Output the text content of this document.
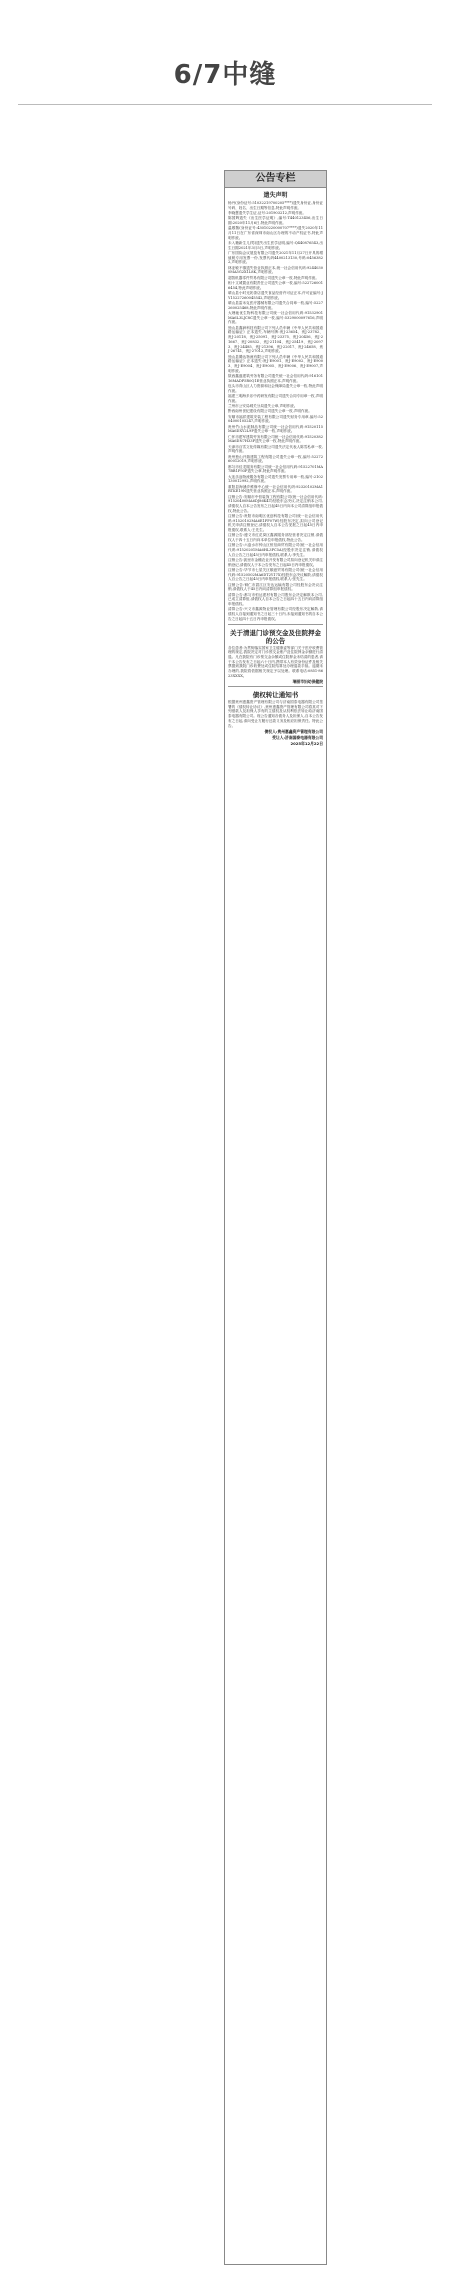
6/7中缝
公告专栏
遗失声明

杨丹(身份证号:51032219700205****)遗失身份证,身份证号码、姓名、出生日期等信息,特此声明作废。

李晓慧遗失学生证,证号:201903212,声明作废。

陈国辉遗失《出生医学证明》,编号:T440123456,出生日期:2020年11月6日,特此声明作废。

温敬敬(身份证号:43010220000707****)遗失2020年11月11日在广东省深圳市南山区办理的不动产权证书,特此声明作废。

未入籍新生儿(男)遗失出生医学证明,编号:Q440876543,出生日期2021年3月5日,声明作废。

广东国际会议展览有限公司遗失2021年11月27日开具的增值税专用发票一份,发票代码4400213130,号码:04563822,声明作废。

林亚敏不慎遗失营业执照正本,统一社会信用代码:92440300MA5G2X1L8K,声明作废。

超智机器零件贸易有限公司遗失公章一枚,特此声明作废。

相十文城置业有限责任公司遗失公章一枚,编号:5227260016454,特此声明作废。

晴山县小时光奶茶店遗失食品经营许可证正本,许可证编号:JY15227260045542,声明作废。

晴山县雷米克医疗器械有限公司遗失合同章一枚,编号:5227260025468,特此声明作废。

大理驰优生物科技有限公司统一社会信用代码:91532901MA6L3LJC8C遗失公章一枚,编号:5329000097616,声明作废。

独山县鑫润科技有限公司下列人员车辆《中华人民共和国道路运输证》正本遗失,车辆号牌:贵J·23654、贵J·23782、贵J·20118、贵J·25091、贵J·23375、贵J·20456、贵J·21667、贵J·20832、贵J·21104、贵J·25419、贵J·20973、贵J·24485、贵J·21396、贵J·22017、贵J·24658、贵J·26741、贵J·27012,声明作废。

独山县腾达物流有限公司下列人员车辆《中华人民共和国道路运输证》正本遗失:贵J·E9001、贵J·E9002、贵J·E9003、贵J·E9004、贵J·E9005、贵J·E9006、贵J·E9007,声明作废。

陕西鑫盛建筑劳务有限公司遗失统一社会信用代码:91610116MADP5R0Q1E营业执照正本,声明作废。

包头市青山区人力资源和社会保障局遗失公章一枚,特此声明作废。

福建三明海多乐中药研发有限公司遗失合同专用章一枚,声明作废。

兰州市公安局城关分局遗失公章,声明作废。

黔西南州世纪建设有限公司遗失公章一枚,声明作废。

安顺市福祥建筑安装工程有限公司遗失财务专用章,编号:5204000105247,声明作废。

贵州竹山水泥制品有限公司统一社会信用代码:91520115MA6DXY2L9P遗失公章一枚,声明作废。

仁怀市建军建筑劳务有限公司统一社会信用代码:91520382MA6DN7H33F遗失公章一枚,特此声明作废。

天津市百雪文化传媒有限公司遗失法定代表人陈雪私章一枚,声明作废。

贵州独山开瑞建筑工程有限公司遗失公章一枚,编号:5227260012019,声明作废。

都匀市佳龙服务有限公司统一社会信用代码:91522701MA7BB1F93P遗失公章,特此声明作废。

大连乐途物流服务有限公司遗失发票专用章一枚,编号:2102130012992,声明作废。

重阳县海涵乡维修中心统一社会信用代码:92320102MA1RTKE19N遗失营业执照正本,声明作废。

注销公告:安顺市中恒装饰工程有限公司(统一社会信用代码:91520400MA6DJ86K4T)经股东会决议,决定注销本公司,请债权人自本公告发布之日起45日内向本公司清算组申报债权,特此公告。

注销公告:贵阳市南明区优创科技有限公司(统一社会信用代码:91520102MA6E1FF07W)经股东决定,拟向公司登记机关申请注销登记,请债权人自本公告见报之日起45日内申报债权,联系人:王先生。

注销公告:遵义市红花岗区鑫源服务部经营者决定注销,请债权人于四十五日内向本单位申报债权,特此公告。

注销公告:六盘水市钟山区恒信商贸有限公司(统一社会信用代码:91520201MA6HL3PC5A)经股东决定注销,请债权人自公告之日起45日内申报债权,联系人:李先生。

注销公告:凯里市金穗农业开发有限公司拟向登记机关申请注销登记,请债权人于本公告发布之日起45日内申报债权。

注销公告:毕节市七星关区顺意贸易有限公司(统一社会信用代码:91520502MA6DT2Y17X)经股东会决议解散,请债权人自公告之日起45日内申报债权,联系人:张先生。

注销公告:铜仁市碧江区安达运输有限公司经股东会决议注销,请债权人于45日内向清算组申报债权。

清算公告:都匀市恒达建材有限公司股东会决定解散本公司,已成立清算组,请债权人自本公告之日起四十五日内向清算组申报债权。

清算公告:兴义市鑫源物业管理有限公司经股东决定解散,请债权人自接到通知书之日起三十日内,未接到通知书的自本公告之日起四十五日内申报债权。

关于清退门诊预交金及住院押金的公告

各位患者:为贯彻落实国家卫生健康委等部门关于医疗收费管理的规定,我院决定对门诊预交金账户及住院押金余额进行清退。凡在我院有门诊预交金余额或住院押金未结清的患者,请于本公告发布之日起六十日内,携带本人有效身份证件及相关票据到我院门诊收费处或住院结算处办理退款手续。逾期未办理的,我院将依据相关规定予以处理。联系电话:0851-8623XXXX。

瑞丽市妇幼保健院
债权转让通知书

根据贵州惠鑫资产管理有限公司与济南国泰电器有限公司签署的《债权转让协议》,贵州惠鑫资产管理有限公司将其对下列借款人及担保人享有的主债权及从权利依法转让给济南国泰电器有限公司。现公告通知各债务人及担保人,自本公告发布之日起,请向受让方履行还款义务及相应担保责任。特此公告。

债权人:贵州惠鑫资产管理有限公司
受让人:济南国泰电器有限公司
2025年12月22日
